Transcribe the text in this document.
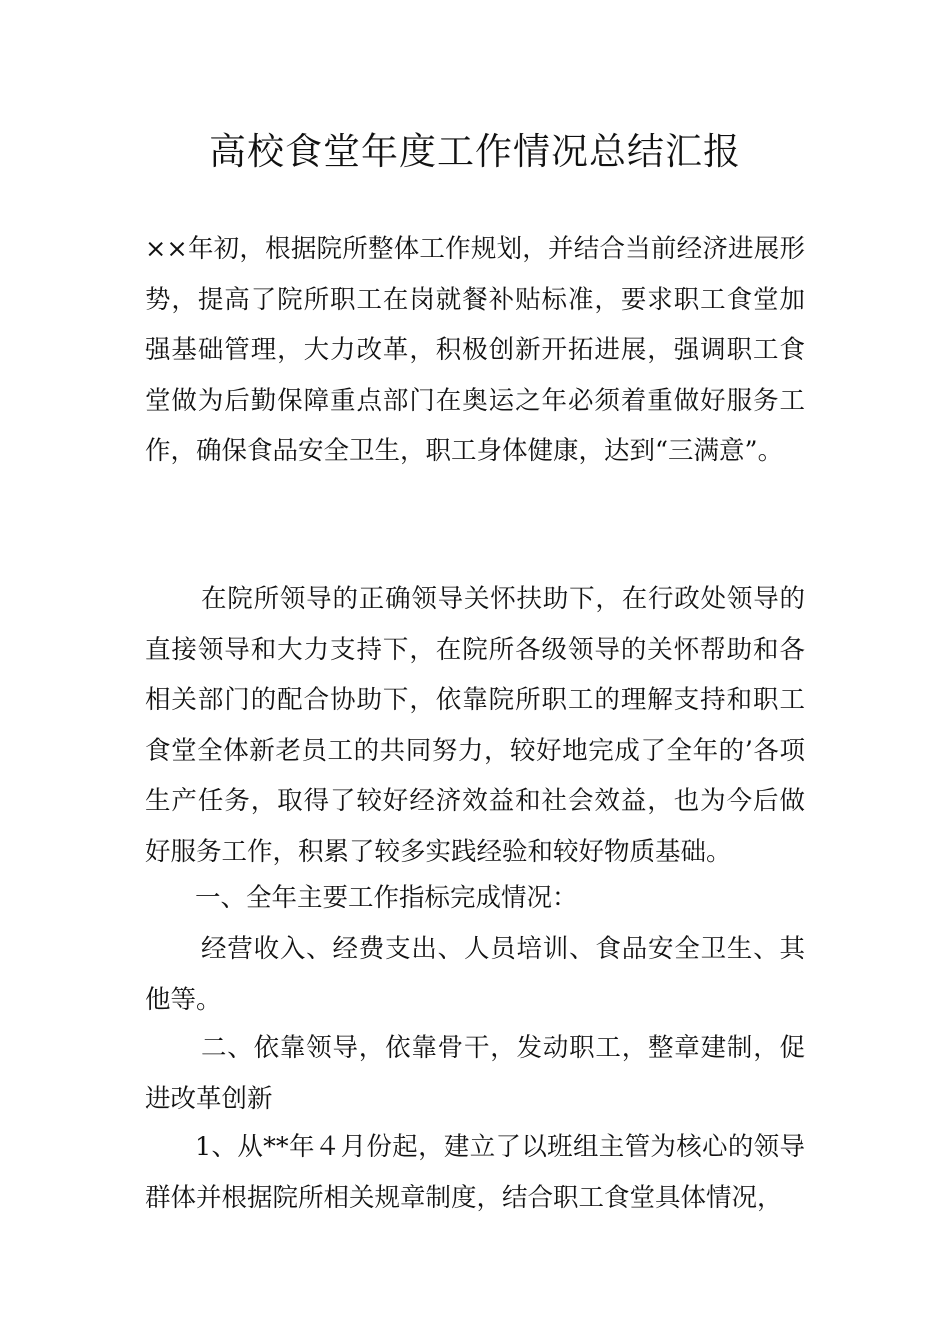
高校食堂年度工作情况总结汇报

××年初，根据院所整体工作规划，并结合当前经济进展形势，提高了院所职工在岗就餐补贴标准，要求职工食堂加强基础管理，大力改革，积极创新开拓进展，强调职工食堂做为后勤保障重点部门在奥运之年必须着重做好服务工作，确保食品安全卫生，职工身体健康，达到“三满意”。

在院所领导的正确领导关怀扶助下，在行政处领导的直接领导和大力支持下，在院所各级领导的关怀帮助和各相关部门的配合协助下，依靠院所职工的理解支持和职工食堂全体新老员工的共同努力，较好地完成了全年的’各项生产任务，取得了较好经济效益和社会效益，也为今后做好服务工作，积累了较多实践经验和较好物质基础。

一、全年主要工作指标完成情况：

经营收入、经费支出、人员培训、食品安全卫生、其他等。

二、依靠领导，依靠骨干，发动职工，整章建制，促进改革创新

1、从**年４月份起，建立了以班组主管为核心的领导群体并根据院所相关规章制度，结合职工食堂具体情况，
